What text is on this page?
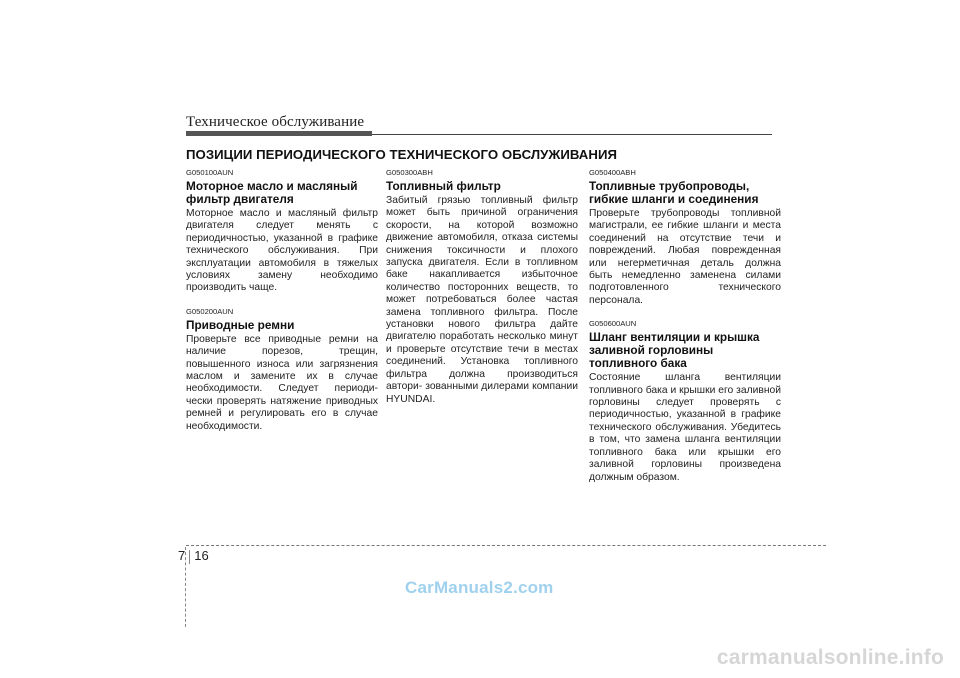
Техническое обслуживание
ПОЗИЦИИ ПЕРИОДИЧЕСКОГО ТЕХНИЧЕСКОГО ОБСЛУЖИВАНИЯ
G050100AUN
Моторное масло и масляный фильтр двигателя
Моторное масло и масляный фильтр двигателя следует менять с периодичностью, указанной в графике технического обслуживания. При эксплуатации автомобиля в тяжелых условиях замену необходимо производить чаще.
G050200AUN
Приводные ремни
Проверьте все приводные ремни на наличие порезов, трещин, повышенного износа или загрязнения маслом и замените их в случае необходимости. Следует периоди- чески проверять натяжение приводных ремней и регулировать его в случае необходимости.
G050300ABH
Топливный фильтр
Забитый грязью топливный фильтр может быть причиной ограничения скорости, на которой возможно движение автомобиля, отказа системы снижения токсичности и плохого запуска двигателя. Если в топливном баке накапливается избыточное количество посторонних веществ, то может потребоваться более частая замена топливного фильтра. После установки нового фильтра дайте двигателю поработать несколько минут и проверьте отсутствие течи в местах соединений. Установка топливного фильтра должна производиться автори- зованными дилерами компании HYUNDAI.
G050400ABH
Топливные трубопроводы, гибкие шланги и соединения
Проверьте трубопроводы топливной магистрали, ее гибкие шланги и места соединений на отсутствие течи и повреждений. Любая поврежденная или негерметичная деталь должна быть немедленно заменена силами подготовленного технического персонала.
G050600AUN
Шланг вентиляции и крышка заливной горловины топливного бака
Состояние шланга вентиляции топливного бака и крышки его заливной горловины следует проверять с периодичностью, указанной в графике технического обслуживания. Убедитесь в том, что замена шланга вентиляции топливного бака или крышки его заливной горловины произведена должным образом.
7 16
CarManuals2.com
carmanualsonline.info
